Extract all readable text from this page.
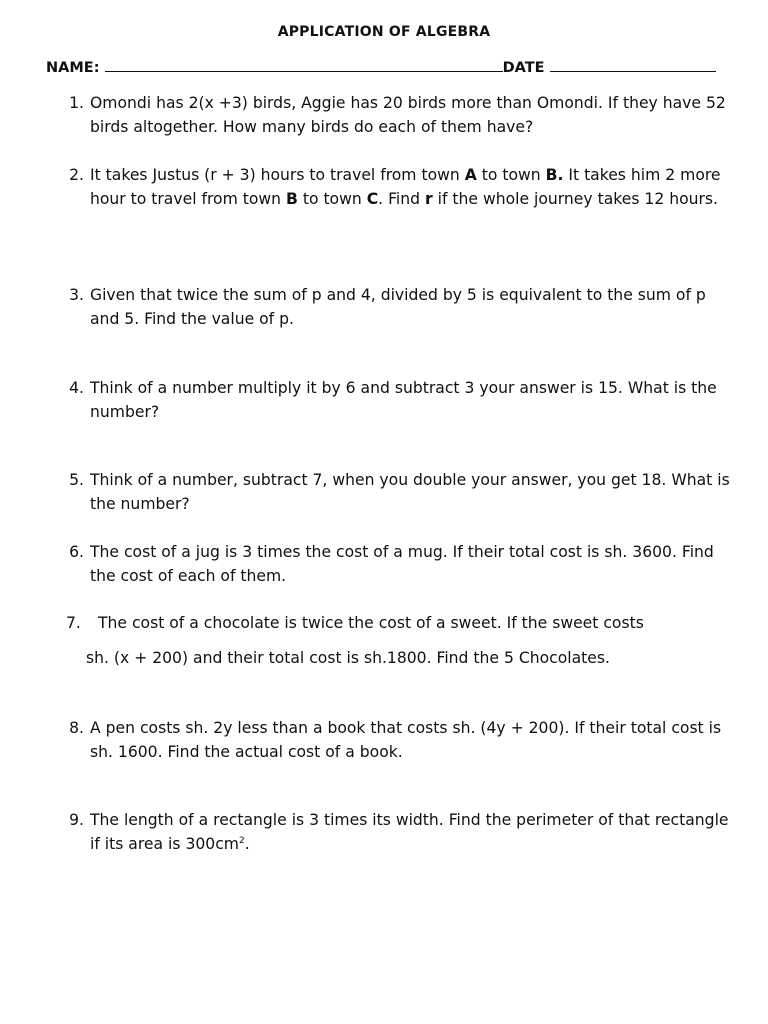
APPLICATION OF ALGEBRA
NAME:	DATE
1. Omondi has 2(x +3) birds, Aggie has 20 birds more than Omondi. If they have 52 birds altogether. How many birds do each of them have?
2. It takes Justus (r + 3) hours to travel from town A to town B. It takes him 2 more hour to travel from town B to town C. Find r if the whole journey takes 12 hours.
3. Given that twice the sum of p and 4, divided by 5 is equivalent to the sum of p and 5. Find the value of p.
4. Think of a number multiply it by 6 and subtract 3 your answer is 15. What is the number?
5. Think of a number, subtract 7, when you double your answer, you get 18. What is the number?
6. The cost of a jug is 3 times the cost of a mug. If their total cost is sh. 3600. Find the cost of each of them.
7. The cost of a chocolate is twice the cost of a sweet. If the sweet costs
sh. (x + 200) and their total cost is sh.1800. Find the 5 Chocolates.
8. A pen costs sh. 2y less than a book that costs sh. (4y + 200). If their total cost is sh. 1600. Find the actual cost of a book.
9. The length of a rectangle is 3 times its width. Find the perimeter of that rectangle if its area is $300cm^2$.
